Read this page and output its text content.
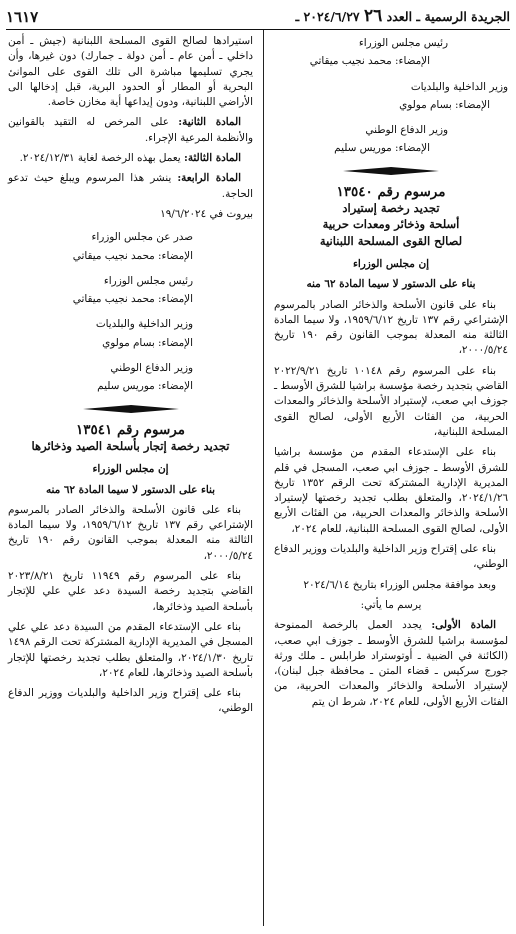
الجريدة الرسمية ـ العدد ٢٦ ٢٠٢٤/٦/٢٧ ـ
١٦١٧

رئيس مجلس الوزراء

الإمضاء: محمد نجيب ميقاتي

وزير الداخلية والبلديات

الإمضاء: بسام مولوي

وزير الدفاع الوطني

الإمضاء: موريس سليم

مرسوم رقم ١٣٥٤٠
تجديد رخصة إستيراد
أسلحة وذخائر ومعدات حربية
لصالح القوى المسلحة اللبنانية

إن مجلس الوزراء

بناء على الدستور لا سيما المادة ٦٢ منه

بناء على قانون الأسلحة والذخائر الصادر بالمرسوم الإشتراعي رقم ١٣٧ تاريخ ١٩٥٩/٦/١٢، ولا سيما المادة الثالثة منه المعدلة بموجب القانون رقم ١٩٠ تاريخ ٢٠٠٠/٥/٢٤،

بناء على المرسوم رقم ١٠١٤٨ تاريخ ٢٠٢٢/٩/٢١ القاضي بتجديد رخصة مؤسسة براشيا للشرق الأوسط ـ جوزف ابي صعب، لإستيراد الأسلحة والذخائر والمعدات الحربية، من الفئات الأربع الأولى، لصالح القوى المسلحة اللبنانية،

بناء على الإستدعاء المقدم من مؤسسة براشيا للشرق الأوسط ـ جوزف ابي صعب، المسجل في قلم المديرية الإدارية المشتركة تحت الرقم ١٣٥٢ تاريخ ٢٠٢٤/١/٢٦، والمتعلق بطلب تجديد رخصتها لإستيراد الأسلحة والذخائر والمعدات الحربية، من الفئات الأربع الأولى، لصالح القوى المسلحة اللبنانية، للعام ٢٠٢٤،

بناء على إقتراح وزير الداخلية والبلديات ووزير الدفاع الوطني،

وبعد موافقة مجلس الوزراء بتاريخ ٢٠٢٤/٦/١٤

يرسم ما يأتي:

المادة الأولى: يجدد العمل بالرخصة الممنوحة لمؤسسة براشيا للشرق الأوسط ـ جوزف ابي صعب، (الكائنة في الضبية ـ أوتوستراد طرابلس ـ ملك ورثة جورج سركيس ـ قضاء المتن ـ محافظة جبل لبنان)، لإستيراد الأسلحة والذخائر والمعدات الحربية، من الفئات الأربع الأولى، للعام ٢٠٢٤، شرط ان يتم

استيرادها لصالح القوى المسلحة اللبنانية (جيش ـ أمن داخلي ـ أمن عام ـ أمن دولة ـ جمارك) دون غيرها، وأن يجري تسليمها مباشرة الى تلك القوى على الموانئ البحرية أو المطار أو الحدود البرية، قبل إدخالها الى الأراضي اللبنانية، ودون إيداعها أية مخازن خاصة.

المادة الثانية: على المرخص له التقيد بالقوانين والأنظمة المرعية الإجراء.

المادة الثالثة: يعمل بهذه الرخصة لغاية ٢٠٢٤/١٢/٣١.

المادة الرابعة: ينشر هذا المرسوم ويبلغ حيث تدعو الحاجة.

بيروت في ١٩/٦/٢٠٢٤

صدر عن مجلس الوزراء

الإمضاء: محمد نجيب ميقاتي

رئيس مجلس الوزراء

الإمضاء: محمد نجيب ميقاتي

وزير الداخلية والبلديات

الإمضاء: بسام مولوي

وزير الدفاع الوطني

الإمضاء: موريس سليم

مرسوم رقم ١٣٥٤١
تجديد رخصة إتجار بأسلحة الصيد وذخائرها

إن مجلس الوزراء

بناء على الدستور لا سيما المادة ٦٢ منه

بناء على قانون الأسلحة والذخائر الصادر بالمرسوم الإشتراعي رقم ١٣٧ تاريخ ١٩٥٩/٦/١٢، ولا سيما المادة الثالثة منه المعدلة بموجب القانون رقم ١٩٠ تاريخ ٢٠٠٠/٥/٢٤،

بناء على المرسوم رقم ١١٩٤٩ تاريخ ٢٠٢٣/٨/٢١ القاضي بتجديد رخصة السيدة دعد علي علي للإتجار بأسلحة الصيد وذخائرها،

بناء على الإستدعاء المقدم من السيدة دعد علي علي المسجل في المديرية الإدارية المشتركة تحت الرقم ١٤٩٨ تاريخ ٢٠٢٤/١/٣٠، والمتعلق بطلب تجديد رخصتها للإتجار بأسلحة الصيد وذخائرها، للعام ٢٠٢٤،

بناء على إقتراح وزير الداخلية والبلديات ووزير الدفاع الوطني،
